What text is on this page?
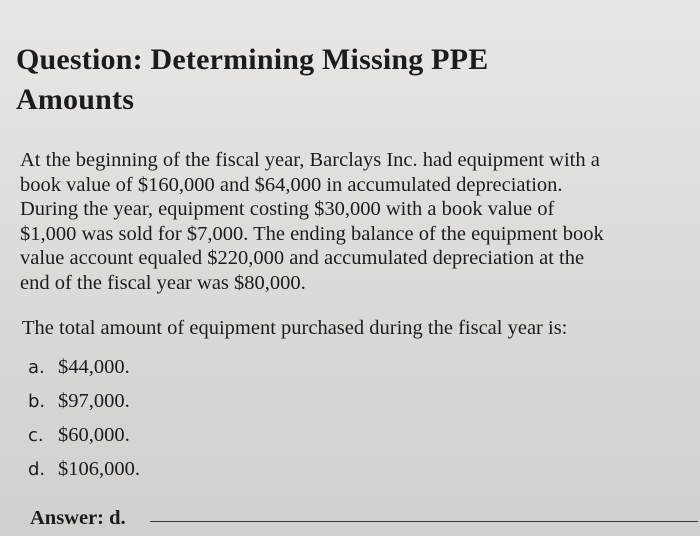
Question: Determining Missing PPE
Amounts

At the beginning of the fiscal year, Barclays Inc. had equipment with a
book value of $160,000 and $64,000 in accumulated depreciation.
During the year, equipment costing $30,000 with a book value of
$1,000 was sold for $7,000. The ending balance of the equipment book
value account equaled $220,000 and accumulated depreciation at the
end of the fiscal year was $80,000.

The total amount of equipment purchased during the fiscal year is:

a. $44,000.
b. $97,000.
c. $60,000.
d. $106,000.
Answer: d.
